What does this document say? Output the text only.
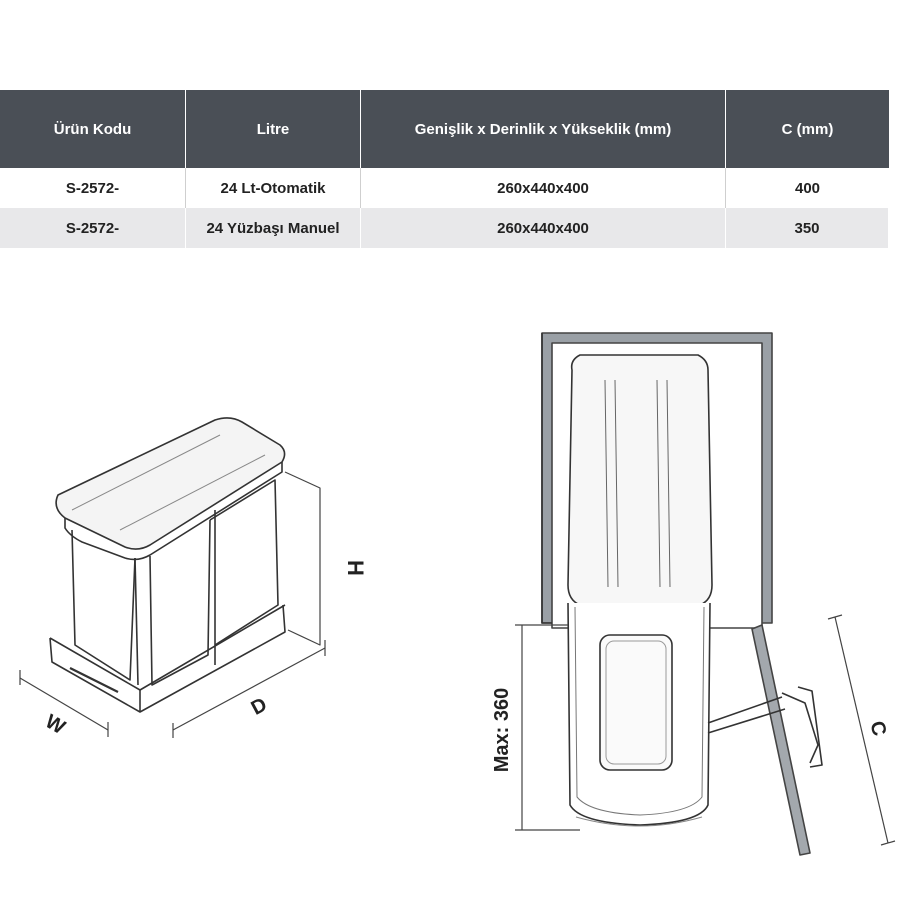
Ürün Kodu	Litre	Genişlik x Derinlik x Yükseklik (mm)	C (mm)
S-2572-	24 Lt-Otomatik	260x440x400	400
S-2572-	24 Yüzbaşı Manuel	260x440x400	350
H
D
W	Max: 360	C
